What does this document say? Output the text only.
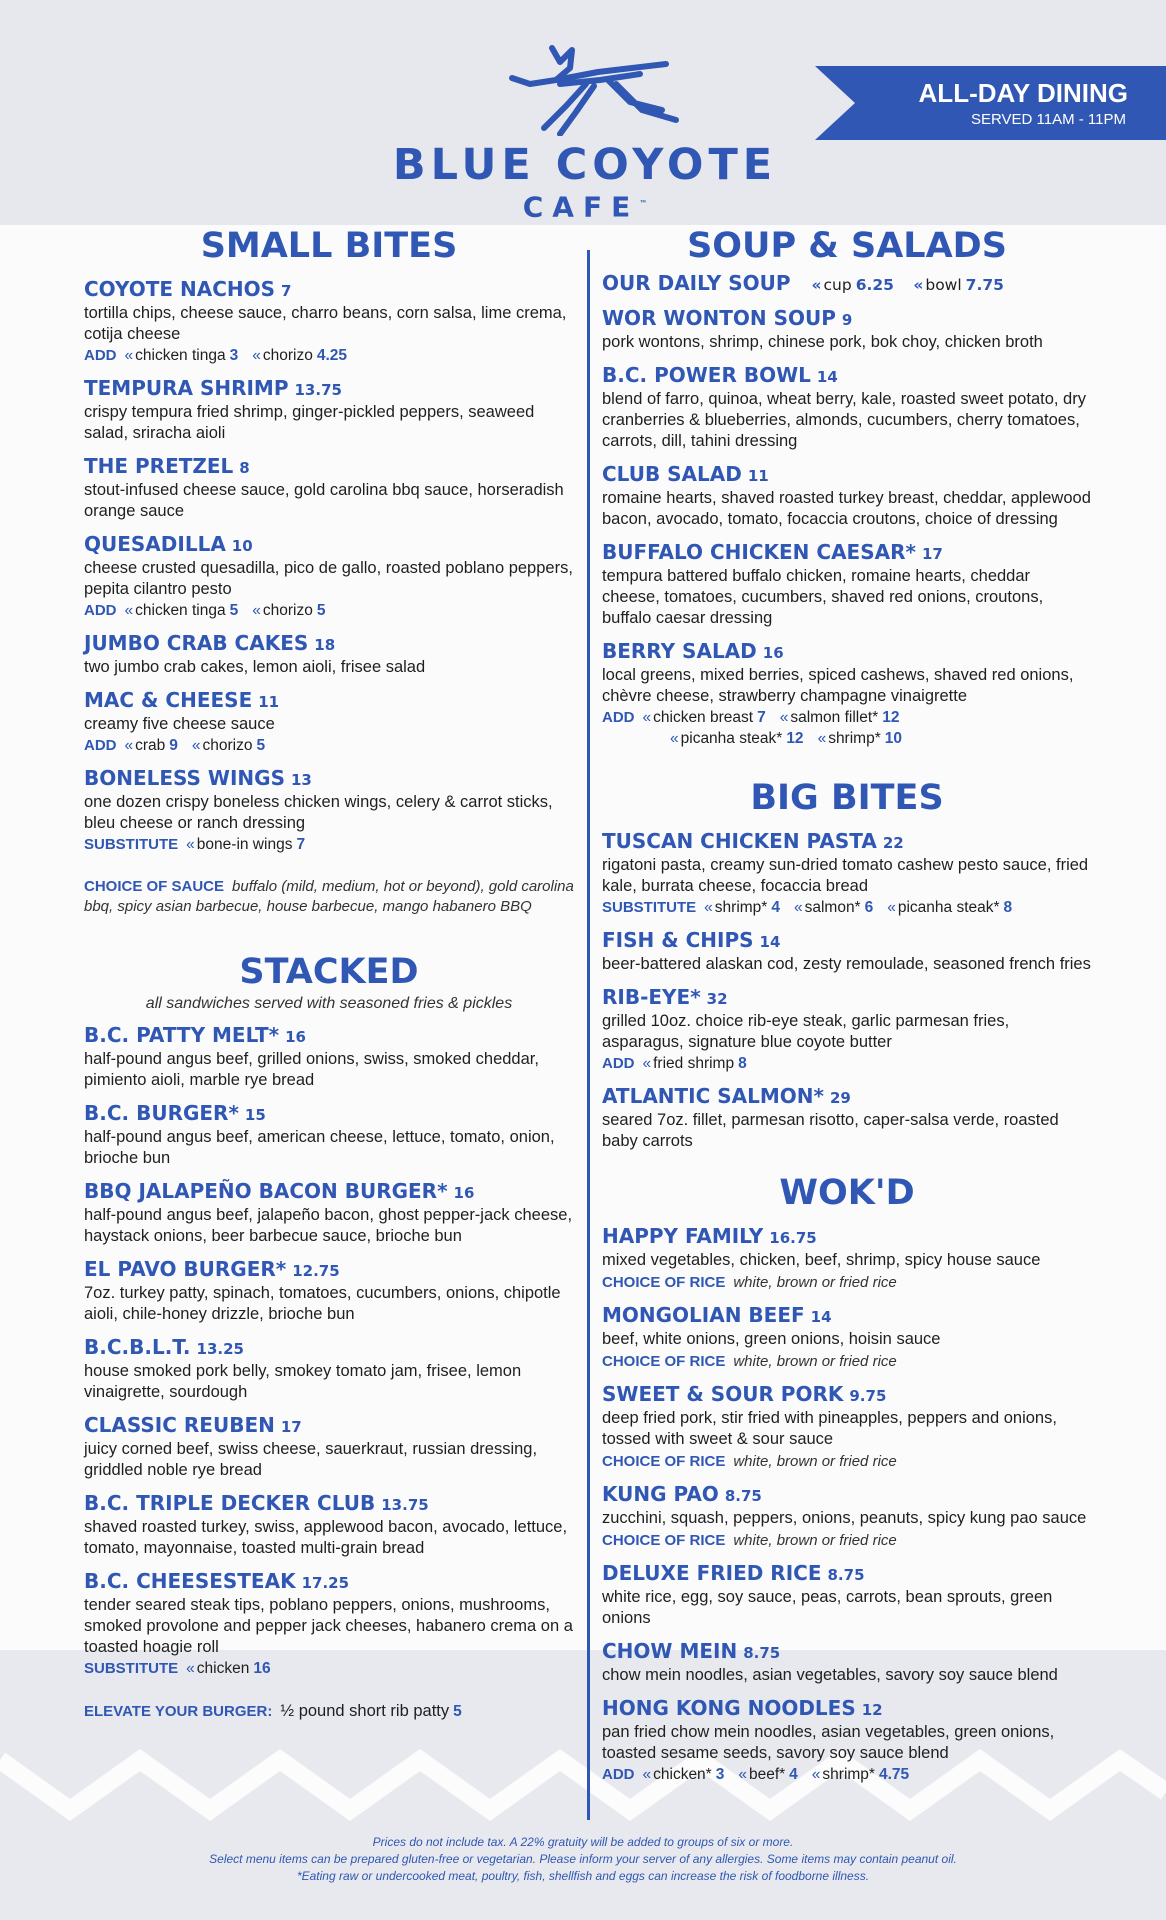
BLUE COYOTE
CAFE™
ALL-DAY DINING
SERVED 11AM - 11PM
SMALL BITES
COYOTE NACHOS 7
tortilla chips, cheese sauce, charro beans, corn salsa, lime crema, cotija cheese
ADD « chicken tinga 3 « chorizo 4.25
TEMPURA SHRIMP 13.75
crispy tempura fried shrimp, ginger-pickled peppers, seaweed salad, sriracha aioli
THE PRETZEL 8
stout-infused cheese sauce, gold carolina bbq sauce, horseradish orange sauce
QUESADILLA 10
cheese crusted quesadilla, pico de gallo, roasted poblano peppers, pepita cilantro pesto
ADD « chicken tinga 5 « chorizo 5
JUMBO CRAB CAKES 18
two jumbo crab cakes, lemon aioli, frisee salad
MAC & CHEESE 11
creamy five cheese sauce
ADD « crab 9 « chorizo 5
BONELESS WINGS 13
one dozen crispy boneless chicken wings, celery & carrot sticks, bleu cheese or ranch dressing
SUBSTITUTE « bone-in wings 7
CHOICE OF SAUCE buffalo (mild, medium, hot or beyond), gold carolina bbq, spicy asian barbecue, house barbecue, mango habanero BBQ
STACKED
all sandwiches served with seasoned fries & pickles
B.C. PATTY MELT* 16
half-pound angus beef, grilled onions, swiss, smoked cheddar, pimiento aioli, marble rye bread
B.C. BURGER* 15
half-pound angus beef, american cheese, lettuce, tomato, onion, brioche bun
BBQ JALAPEÑO BACON BURGER* 16
half-pound angus beef, jalapeño bacon, ghost pepper-jack cheese, haystack onions, beer barbecue sauce, brioche bun
EL PAVO BURGER* 12.75
7oz. turkey patty, spinach, tomatoes, cucumbers, onions, chipotle aioli, chile-honey drizzle, brioche bun
B.C.B.L.T. 13.25
house smoked pork belly, smokey tomato jam, frisee, lemon vinaigrette, sourdough
CLASSIC REUBEN 17
juicy corned beef, swiss cheese, sauerkraut, russian dressing, griddled noble rye bread
B.C. TRIPLE DECKER CLUB 13.75
shaved roasted turkey, swiss, applewood bacon, avocado, lettuce, tomato, mayonnaise, toasted multi-grain bread
B.C. CHEESESTEAK 17.25
tender seared steak tips, poblano peppers, onions, mushrooms, smoked provolone and pepper jack cheeses, habanero crema on a toasted hoagie roll
SUBSTITUTE « chicken 16
ELEVATE YOUR BURGER: ½ pound short rib patty 5
SOUP & SALADS
OUR DAILY SOUP « cup 6.25 « bowl 7.75
WOR WONTON SOUP 9
pork wontons, shrimp, chinese pork, bok choy, chicken broth
B.C. POWER BOWL 14
blend of farro, quinoa, wheat berry, kale, roasted sweet potato, dry cranberries & blueberries, almonds, cucumbers, cherry tomatoes, carrots, dill, tahini dressing
CLUB SALAD 11
romaine hearts, shaved roasted turkey breast, cheddar, applewood bacon, avocado, tomato, focaccia croutons, choice of dressing
BUFFALO CHICKEN CAESAR* 17
tempura battered buffalo chicken, romaine hearts, cheddar cheese, tomatoes, cucumbers, shaved red onions, croutons, buffalo caesar dressing
BERRY SALAD 16
local greens, mixed berries, spiced cashews, shaved red onions, chèvre cheese, strawberry champagne vinaigrette
ADD « chicken breast 7 « salmon fillet* 12
« picanha steak* 12 « shrimp* 10
BIG BITES
TUSCAN CHICKEN PASTA 22
rigatoni pasta, creamy sun-dried tomato cashew pesto sauce, fried kale, burrata cheese, focaccia bread
SUBSTITUTE « shrimp* 4 « salmon* 6 « picanha steak* 8
FISH & CHIPS 14
beer-battered alaskan cod, zesty remoulade, seasoned french fries
RIB-EYE* 32
grilled 10oz. choice rib-eye steak, garlic parmesan fries, asparagus, signature blue coyote butter
ADD « fried shrimp 8
ATLANTIC SALMON* 29
seared 7oz. fillet, parmesan risotto, caper-salsa verde, roasted baby carrots
WOK'D
HAPPY FAMILY 16.75
mixed vegetables, chicken, beef, shrimp, spicy house sauce
CHOICE OF RICE white, brown or fried rice
MONGOLIAN BEEF 14
beef, white onions, green onions, hoisin sauce
CHOICE OF RICE white, brown or fried rice
SWEET & SOUR PORK 9.75
deep fried pork, stir fried with pineapples, peppers and onions, tossed with sweet & sour sauce
CHOICE OF RICE white, brown or fried rice
KUNG PAO 8.75
zucchini, squash, peppers, onions, peanuts, spicy kung pao sauce
CHOICE OF RICE white, brown or fried rice
DELUXE FRIED RICE 8.75
white rice, egg, soy sauce, peas, carrots, bean sprouts, green onions
CHOW MEIN 8.75
chow mein noodles, asian vegetables, savory soy sauce blend
HONG KONG NOODLES 12
pan fried chow mein noodles, asian vegetables, green onions, toasted sesame seeds, savory soy sauce blend
ADD « chicken* 3 « beef* 4 « shrimp* 4.75
Prices do not include tax. A 22% gratuity will be added to groups of six or more.
Select menu items can be prepared gluten-free or vegetarian. Please inform your server of any allergies. Some items may contain peanut oil.
*Eating raw or undercooked meat, poultry, fish, shellfish and eggs can increase the risk of foodborne illness.
